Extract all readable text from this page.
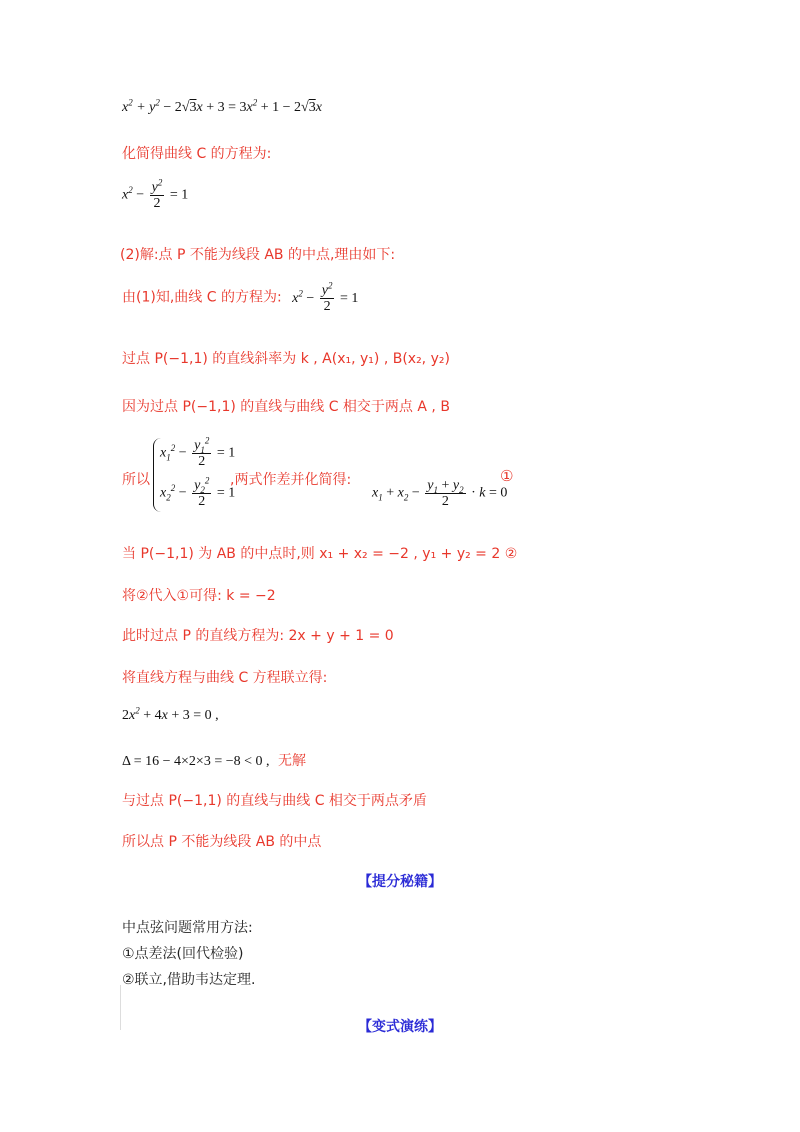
$x^2 + y^2 - 2√3x + 3 = 3x^2 + 1 - 2√3x$
化简得曲线 C 的方程为:
$x^2 - \frac{y^2}{2} = 1$
(2)解:点 P 不能为线段 AB 的中点,理由如下:
由(1)知,曲线 C 的方程为: $x^2 - \frac{y^2}{2} = 1$
过点 P(−1,1) 的直线斜率为 k , A(x₁, y₁) , B(x₂, y₂)
因为过点 P(−1,1) 的直线与曲线 C 相交于两点 A , B
所以
$x_1^2 - \frac{y_1^2}{2} = 1$
$x_2^2 - \frac{y_2^2}{2} = 1$
,两式作差并化简得:
$x_1 + x_2 - \frac{y_1 + y_2}{2} \cdot k = 0$
①
当 P(−1,1) 为 AB 的中点时,则 x₁ + x₂ = −2 , y₁ + y₂ = 2 ②
将②代入①可得: k = −2
此时过点 P 的直线方程为: 2x + y + 1 = 0
将直线方程与曲线 C 方程联立得:
$2x^2 + 4x + 3 = 0$ ,
Δ = 16 − 4×2×3 = −8 < 0 , 无解
与过点 P(−1,1) 的直线与曲线 C 相交于两点矛盾
所以点 P 不能为线段 AB 的中点
【提分秘籍】
中点弦问题常用方法:
①点差法(回代检验)
②联立,借助韦达定理.
【变式演练】
